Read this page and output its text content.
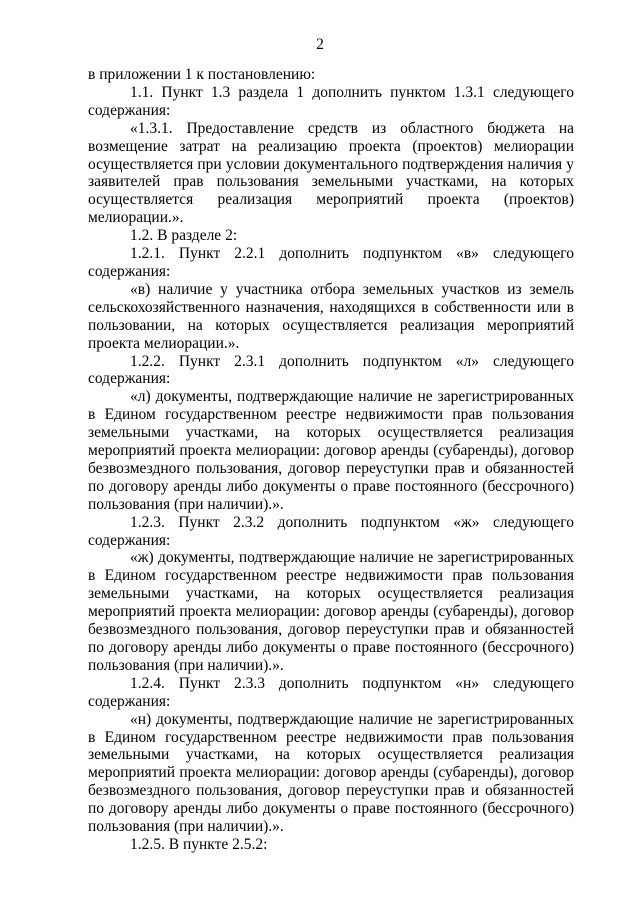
2

в приложении 1 к постановлению:

1.1. Пункт 1.3 раздела 1 дополнить пунктом 1.3.1 следующего содержания:

«1.3.1. Предоставление средств из областного бюджета на возмещение затрат на реализацию проекта (проектов) мелиорации осуществляется при условии документального подтверждения наличия у заявителей прав пользования земельными участками, на которых осуществляется реализация мероприятий проекта (проектов) мелиорации.».

1.2. В разделе 2:

1.2.1. Пункт 2.2.1 дополнить подпунктом «в» следующего содержания:

«в) наличие у участника отбора земельных участков из земель сельскохозяйственного назначения, находящихся в собственности или в пользовании, на которых осуществляется реализация мероприятий проекта мелиорации.».

1.2.2. Пункт 2.3.1 дополнить подпунктом «л» следующего содержания:

«л) документы, подтверждающие наличие не зарегистрированных в Едином государственном реестре недвижимости прав пользования земельными участками, на которых осуществляется реализация мероприятий проекта мелиорации: договор аренды (субаренды), договор безвозмездного пользования, договор переуступки прав и обязанностей по договору аренды либо документы о праве постоянного (бессрочного) пользования (при наличии).».

1.2.3. Пункт 2.3.2 дополнить подпунктом «ж» следующего содержания:

«ж) документы, подтверждающие наличие не зарегистрированных в Едином государственном реестре недвижимости прав пользования земельными участками, на которых осуществляется реализация мероприятий проекта мелиорации: договор аренды (субаренды), договор безвозмездного пользования, договор переуступки прав и обязанностей по договору аренды либо документы о праве постоянного (бессрочного) пользования (при наличии).».

1.2.4. Пункт 2.3.3 дополнить подпунктом «н» следующего содержания:

«н) документы, подтверждающие наличие не зарегистрированных в Едином государственном реестре недвижимости прав пользования земельными участками, на которых осуществляется реализация мероприятий проекта мелиорации: договор аренды (субаренды), договор безвозмездного пользования, договор переуступки прав и обязанностей по договору аренды либо документы о праве постоянного (бессрочного) пользования (при наличии).».

1.2.5. В пункте 2.5.2:
